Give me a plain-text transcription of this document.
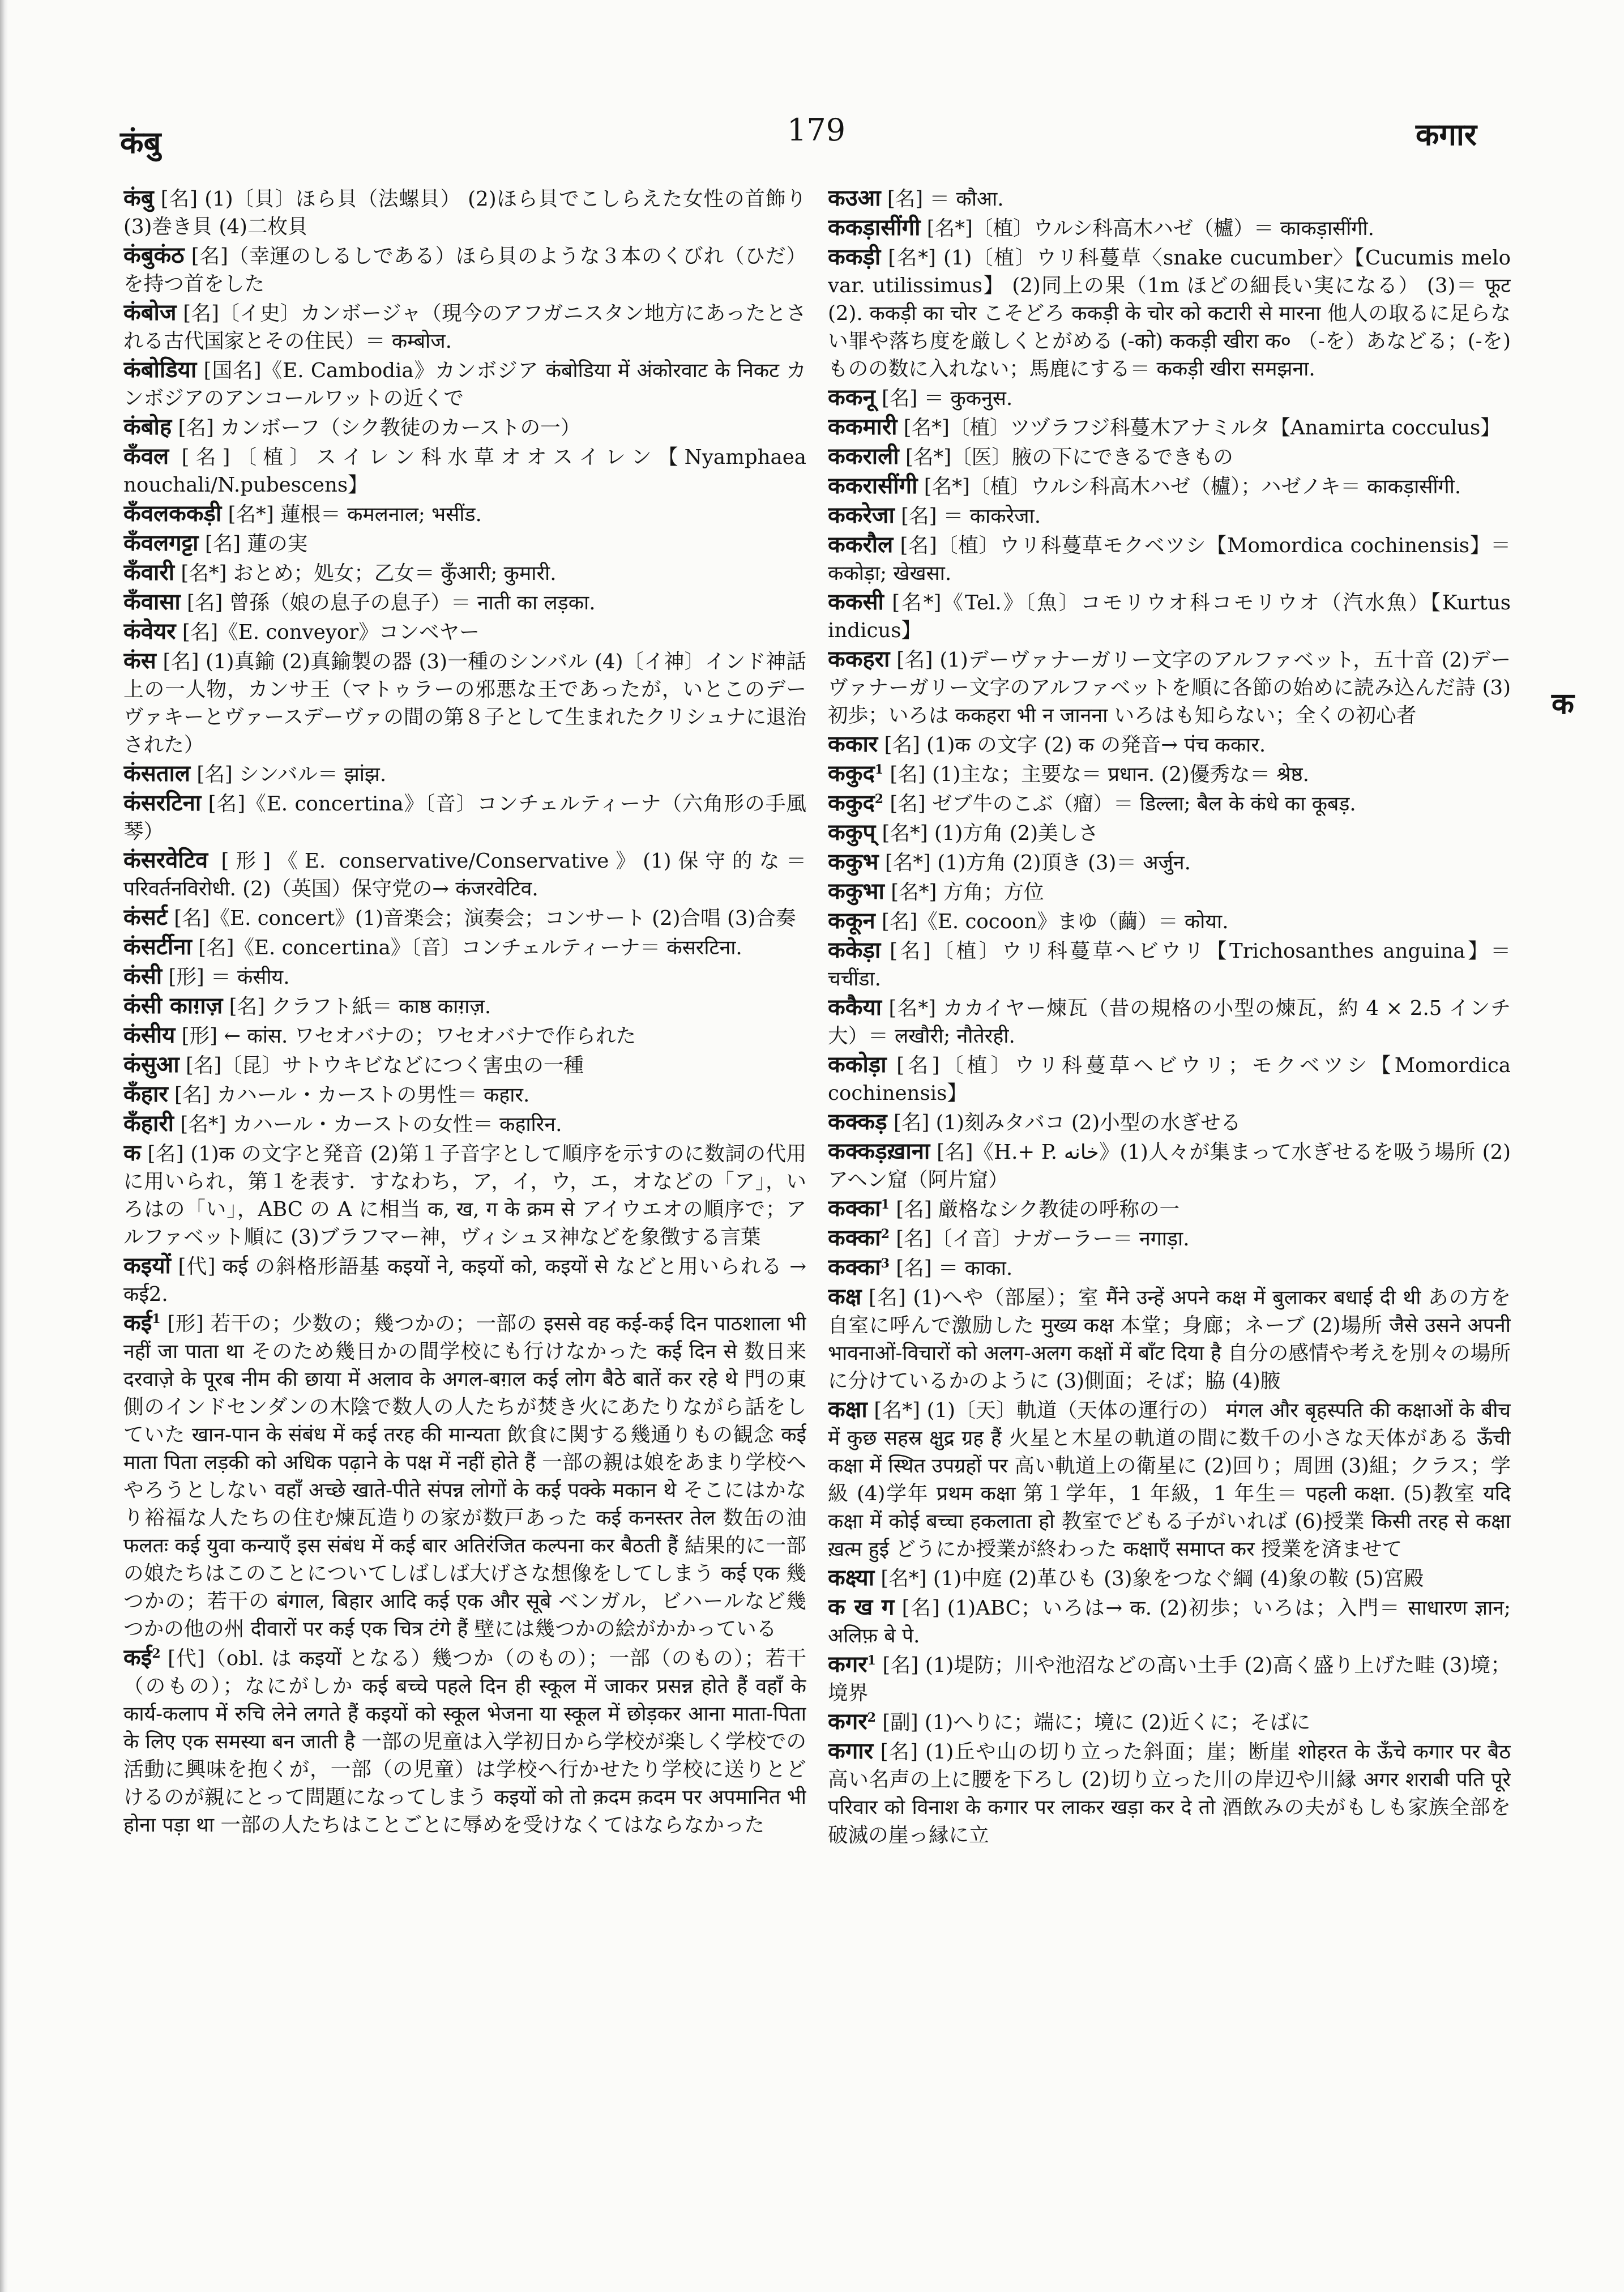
कंबु	179	कगार

कंबु [名] (1)〔貝〕ほら貝（法螺貝） (2)ほら貝でこしらえた女性の首飾り (3)巻き貝 (4)二枚貝

कंबुकंठ [名]（幸運のしるしである）ほら貝のような３本のくびれ（ひだ）を持つ首をした

कंबोज [名]〔イ史〕カンボージャ（現今のアフガニスタン地方にあったとされる古代国家とその住民）＝ कम्बोज.

कंबोडिया [国名]《E. Cambodia》カンボジア कंबोडिया में अंकोरवाट के निकट カンボジアのアンコールワットの近くで

कंबोह [名] カンボーフ（シク教徒のカーストの一）

कँवल [名]〔植〕スイレン科水草オオスイレン【Nyamphaea nouchali/N.pubescens】

कँवलककड़ी [名*] 蓮根＝ कमलनाल; भसींड.

कँवलगट्टा [名] 蓮の実

कँवारी [名*] おとめ；処女；乙女＝ कुँआरी; कुमारी.

कँवासा [名] 曾孫（娘の息子の息子）＝ नाती का लड़का.

कंवेयर [名]《E. conveyor》コンベヤー

कंस [名] (1)真鍮 (2)真鍮製の器 (3)一種のシンバル (4)〔イ神〕インド神話上の一人物，カンサ王（マトゥラーの邪悪な王であったが，いとこのデーヴァキーとヴァースデーヴァの間の第８子として生まれたクリシュナに退治された）

कंसताल [名] シンバル＝ झांझ.

कंसरटिना [名]《E. concertina》〔音〕コンチェルティーナ（六角形の手風琴）

कंसरवेटिव [形]《E. conservative/Conservative》(1)保守的な＝ परिवर्तनविरोधी. (2)（英国）保守党の→ कंजरवेटिव.

कंसर्ट [名]《E. concert》(1)音楽会；演奏会；コンサート (2)合唱 (3)合奏

कंसर्टीना [名]《E. concertina》〔音〕コンチェルティーナ＝ कंसरटिना.

कंसी [形] ＝ कंसीय.

कंसी काग़ज़ [名] クラフト紙＝ काष्ठ काग़ज़.

कंसीय [形] ← कांस. ワセオバナの；ワセオバナで作られた

कंसुआ [名]〔昆〕サトウキビなどにつく害虫の一種

कँहार [名] カハール・カーストの男性＝ कहार.

कँहारी [名*] カハール・カーストの女性＝ कहारिन.

क [名] (1)क の文字と発音 (2)第１子音字として順序を示すのに数詞の代用に用いられ，第１を表す．すなわち，ア，イ，ウ，エ，オなどの「ア」，いろはの「い」，ABC の A に相当 क, ख, ग के क्रम से アイウエオの順序で；アルファベット順に (3)ブラフマー神，ヴィシュヌ神などを象徴する言葉

कइयों [代] कई の斜格形語基 कइयों ने, कइयों को, कइयों से などと用いられる → कई2.

कई$^1$ [形] 若干の；少数の；幾つかの；一部の इससे वह कई-कई दिन पाठशाला भी नहीं जा पाता था そのため幾日かの間学校にも行けなかった कई दिन से 数日来 दरवाज़े के पूरब नीम की छाया में अलाव के अगल-बग़ल कई लोग बैठे बातें कर रहे थे 門の東側のインドセンダンの木陰で数人の人たちが焚き火にあたりながら話をしていた खान-पान के संबंध में कई तरह की मान्यता 飲食に関する幾通りもの観念 कई माता पिता लड़की को अधिक पढ़ाने के पक्ष में नहीं होते हैं 一部の親は娘をあまり学校へやろうとしない वहाँ अच्छे खाते-पीते संपन्न लोगों के कई पक्के मकान थे そこにはかなり裕福な人たちの住む煉瓦造りの家が数戸あった कई कनस्तर तेल 数缶の油 फलतः कई युवा कन्याएँ इस संबंध में कई बार अतिरंजित कल्पना कर बैठती हैं 結果的に一部の娘たちはこのことについてしばしば大げさな想像をしてしまう कई एक 幾つかの；若干の बंगाल, बिहार आदि कई एक और सूबे ベンガル，ビハールなど幾つかの他の州 दीवारों पर कई एक चित्र टंगे हैं 壁には幾つかの絵がかかっている

कई$^2$ [代]（obl. は कइयों となる）幾つか（のもの）；一部（のもの）；若干（のもの）；なにがしか कई बच्चे पहले दिन ही स्कूल में जाकर प्रसन्न होते हैं वहाँ के कार्य-कलाप में रुचि लेने लगते हैं कइयों को स्कूल भेजना या स्कूल में छोड़कर आना माता-पिता के लिए एक समस्या बन जाती है 一部の児童は入学初日から学校が楽しく学校での活動に興味を抱くが，一部（の児童）は学校へ行かせたり学校に送りとどけるのが親にとって問題になってしまう कइयों को तो क़दम क़दम पर अपमानित भी होना पड़ा था 一部の人たちはことごとに辱めを受けなくてはならなかった

कउआ [名] ＝ कौआ.

ककड़ासींगी [名*]〔植〕ウルシ科高木ハゼ（櫨）＝ काकड़ासींगी.

ककड़ी [名*] (1)〔植〕ウリ科蔓草〈snake cucumber〉【Cucumis melo var. utilissimus】 (2)同上の果（1m ほどの細長い実になる） (3)＝ फूट (2). ककड़ी का चोर こそどろ ककड़ी के चोर को कटारी से मारना 他人の取るに足らない罪や落ち度を厳しくとがめる (-को) ककड़ी खीरा क० （-を）あなどる；(-を)ものの数に入れない；馬鹿にする＝ ककड़ी खीरा समझना.

ककनू [名] ＝ कुकनुस.

ककमारी [名*]〔植〕ツヅラフジ科蔓木アナミルタ【Anamirta cocculus】

ककराली [名*]〔医〕腋の下にできるできもの

ककरासींगी [名*]〔植〕ウルシ科高木ハゼ（櫨）；ハゼノキ＝ काकड़ासींगी.

ककरेजा [名] ＝ काकरेजा.

ककरौल [名]〔植〕ウリ科蔓草モクベツシ【Momordica cochinensis】＝ ककोड़ा; खेखसा.

ककसी [名*]《Tel.》〔魚〕コモリウオ科コモリウオ（汽水魚）【Kurtus indicus】

ककहरा [名] (1)デーヴァナーガリー文字のアルファベット，五十音 (2)デーヴァナーガリー文字のアルファベットを順に各節の始めに読み込んだ詩 (3)初歩；いろは ककहरा भी न जानना いろはも知らない；全くの初心者

ककार [名] (1)क の文字 (2) क の発音→ पंच ककार.

ककुद$^1$ [名] (1)主な；主要な＝ प्रधान. (2)優秀な＝ श्रेष्ठ.

ककुद$^2$ [名] ゼブ牛のこぶ（瘤）＝ डिल्ला; बैल के कंधे का कूबड़.

ककुप् [名*] (1)方角 (2)美しさ

ककुभ [名*] (1)方角 (2)頂き (3)＝ अर्जुन.

ककुभा [名*] 方角；方位

ककून [名]《E. cocoon》まゆ（繭）＝ कोया.

ककेड़ा [名]〔植〕ウリ科蔓草ヘビウリ【Trichosanthes anguina】＝ चचींडा.

ककैया [名*] カカイヤー煉瓦（昔の規格の小型の煉瓦，約 4 × 2.5 インチ大）＝ लखौरी; नौतेरही.

ककोड़ा [名]〔植〕ウリ科蔓草ヘビウリ；モクベツシ【Momordica cochinensis】

कक्कड़ [名] (1)刻みタバコ (2)小型の水ぎせる

कक्कड़ख़ाना [名]《H.+ P. خانه》(1)人々が集まって水ぎせるを吸う場所 (2)アヘン窟（阿片窟）

कक्का$^1$ [名] 厳格なシク教徒の呼称の一

कक्का$^2$ [名]〔イ音〕ナガーラー＝ नगाड़ा.

कक्का$^3$ [名] ＝ काका.

कक्ष [名] (1)へや（部屋）；室 मैंने उन्हें अपने कक्ष में बुलाकर बधाई दी थी あの方を自室に呼んで激励した मुख्य कक्ष 本堂；身廊；ネーブ (2)場所 जैसे उसने अपनी भावनाओं-विचारों को अलग-अलग कक्षों में बाँट दिया है 自分の感情や考えを別々の場所に分けているかのように (3)側面；そば；脇 (4)腋

कक्षा [名*] (1)〔天〕軌道（天体の運行の） मंगल और बृहस्पति की कक्षाओं के बीच में कुछ सहस्र क्षुद्र ग्रह हैं 火星と木星の軌道の間に数千の小さな天体がある ऊँची कक्षा में स्थित उपग्रहों पर 高い軌道上の衛星に (2)回り；周囲 (3)組；クラス；学級 (4)学年 प्रथम कक्षा 第１学年，1 年級，1 年生＝ पहली कक्षा. (5)教室 यदि कक्षा में कोई बच्चा हकलाता हो 教室でどもる子がいれば (6)授業 किसी तरह से कक्षा ख़त्म हुई どうにか授業が終わった कक्षाएँ समाप्त कर 授業を済ませて

कक्ष्या [名*] (1)中庭 (2)革ひも (3)象をつなぐ綱 (4)象の鞍 (5)宮殿

क ख ग [名] (1)ABC；いろは→ क. (2)初歩；いろは；入門＝ साधारण ज्ञान; अलिफ़ बे पे.

कगर$^1$ [名] (1)堤防；川や池沼などの高い土手 (2)高く盛り上げた畦 (3)境；境界

कगर$^2$ [副] (1)へりに；端に；境に (2)近くに；そばに

कगार [名] (1)丘や山の切り立った斜面；崖；断崖 शोहरत के ऊँचे कगार पर बैठ 高い名声の上に腰を下ろし (2)切り立った川の岸辺や川縁 अगर शराबी पति पूरे परिवार को विनाश के कगार पर लाकर खड़ा कर दे तो 酒飲みの夫がもしも家族全部を破滅の崖っ縁に立

क
